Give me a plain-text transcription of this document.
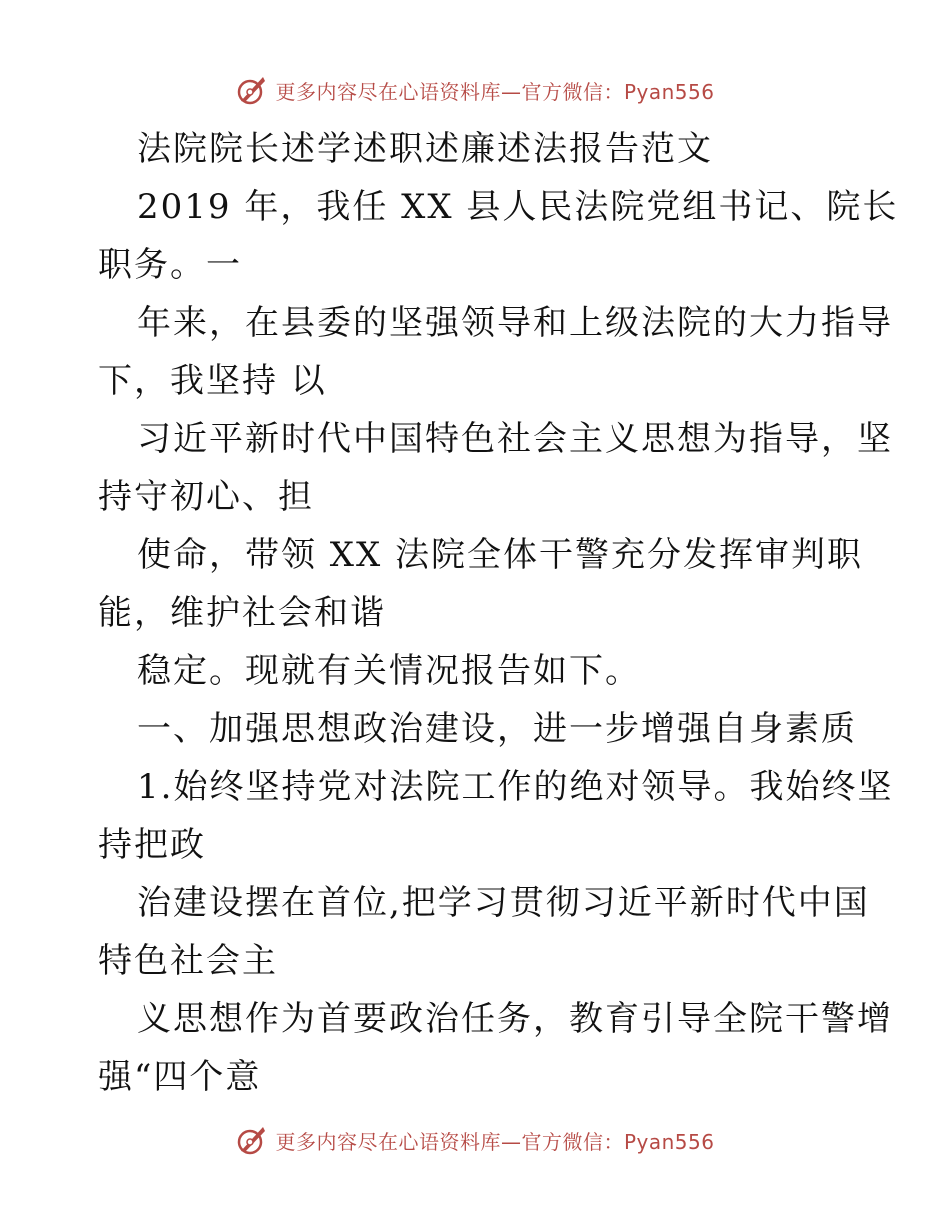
更多内容尽在心语资料库—官方微信：Pyan556
法院院长述学述职述廉述法报告范文
2019 年，我任 XX 县人民法院党组书记、院长
职务。一
年来，在县委的坚强领导和上级法院的大力指导
下，我坚持 以
习近平新时代中国特色社会主义思想为指导，坚
持守初心、担
使命，带领 XX 法院全体干警充分发挥审判职
能，维护社会和谐
稳定。现就有关情况报告如下。
一、加强思想政治建设，进一步增强自身素质
1.始终坚持党对法院工作的绝对领导。我始终坚
持把政
治建设摆在首位,把学习贯彻习近平新时代中国
特色社会主
义思想作为首要政治任务，教育引导全院干警增
强“四个意
更多内容尽在心语资料库—官方微信：Pyan556
